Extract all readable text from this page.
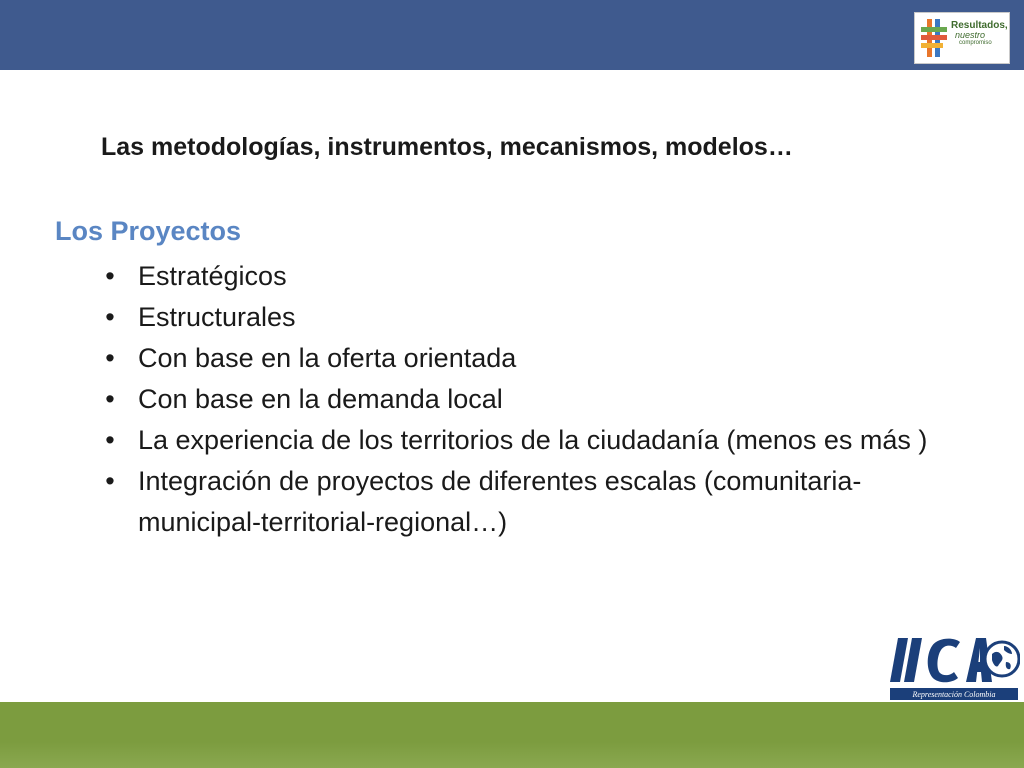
Resultados,
nuestro
compromiso
Las metodologías, instrumentos, mecanismos, modelos…
Los Proyectos
• Estratégicos
• Estructurales
• Con base en la oferta orientada
• Con base en la demanda local
• La experiencia de los territorios de la ciudadanía (menos es más )
• Integración de proyectos de diferentes escalas (comunitaria-municipal-territorial-regional…)
Representación Colombia
